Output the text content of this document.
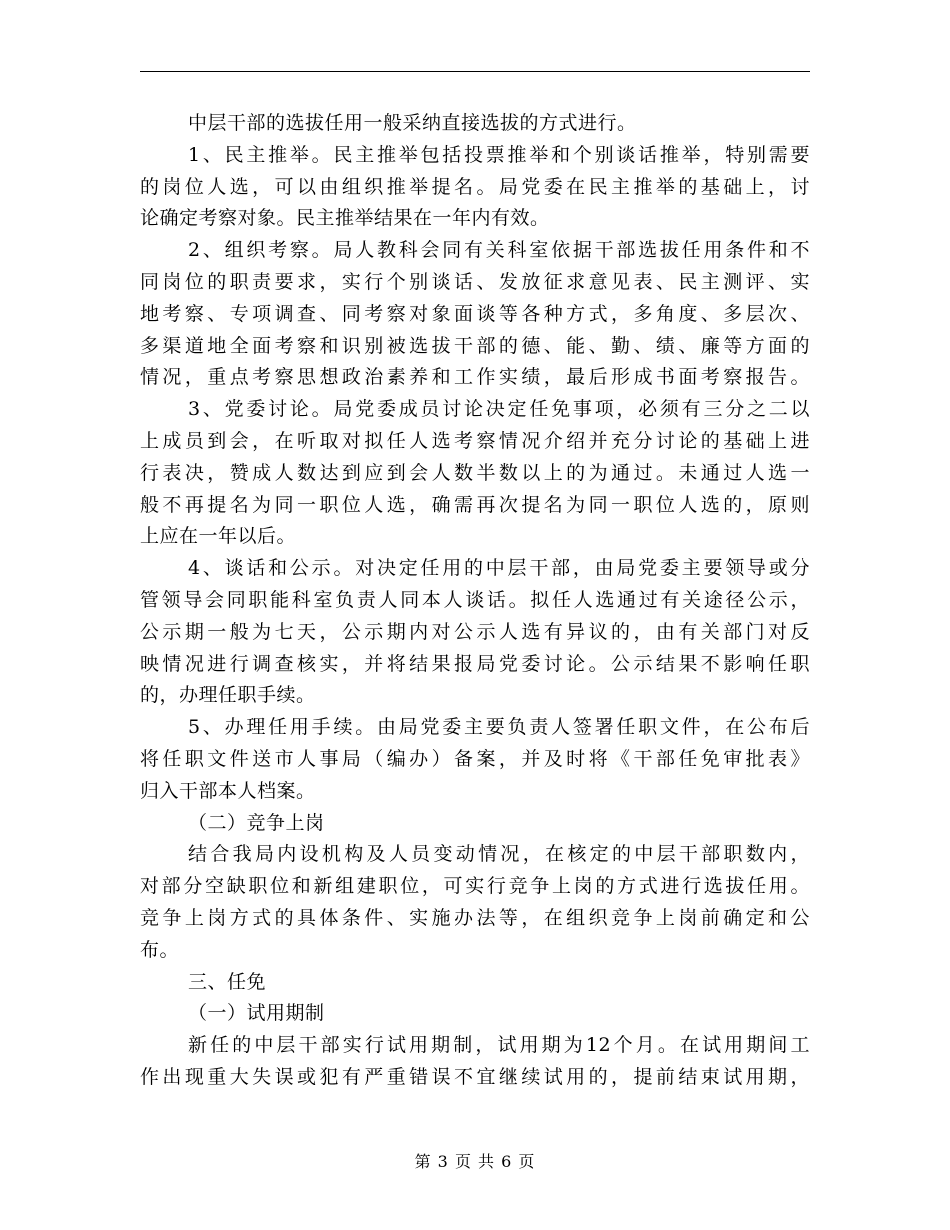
中层干部的选拔任用一般采纳直接选拔的方式进行。
1、民主推举。民主推举包括投票推举和个别谈话推举，特别需要
的岗位人选，可以由组织推举提名。局党委在民主推举的基础上，讨
论确定考察对象。民主推举结果在一年内有效。
2、组织考察。局人教科会同有关科室依据干部选拔任用条件和不
同岗位的职责要求，实行个别谈话、发放征求意见表、民主测评、实
地考察、专项调查、同考察对象面谈等各种方式，多角度、多层次、
多渠道地全面考察和识别被选拔干部的德、能、勤、绩、廉等方面的
情况，重点考察思想政治素养和工作实绩，最后形成书面考察报告。
3、党委讨论。局党委成员讨论决定任免事项，必须有三分之二以
上成员到会，在听取对拟任人选考察情况介绍并充分讨论的基础上进
行表决，赞成人数达到应到会人数半数以上的为通过。未通过人选一
般不再提名为同一职位人选，确需再次提名为同一职位人选的，原则
上应在一年以后。
4、谈话和公示。对决定任用的中层干部，由局党委主要领导或分
管领导会同职能科室负责人同本人谈话。拟任人选通过有关途径公示，
公示期一般为七天，公示期内对公示人选有异议的，由有关部门对反
映情况进行调查核实，并将结果报局党委讨论。公示结果不影响任职
的，办理任职手续。
5、办理任用手续。由局党委主要负责人签署任职文件，在公布后
将任职文件送市人事局（编办）备案，并及时将《干部任免审批表》
归入干部本人档案。
（二）竞争上岗
结合我局内设机构及人员变动情况，在核定的中层干部职数内，
对部分空缺职位和新组建职位，可实行竞争上岗的方式进行选拔任用。
竞争上岗方式的具体条件、实施办法等，在组织竞争上岗前确定和公
布。
三、任免
（一）试用期制
新任的中层干部实行试用期制，试用期为12个月。在试用期间工
作出现重大失误或犯有严重错误不宜继续试用的，提前结束试用期，
第 3 页 共 6 页
